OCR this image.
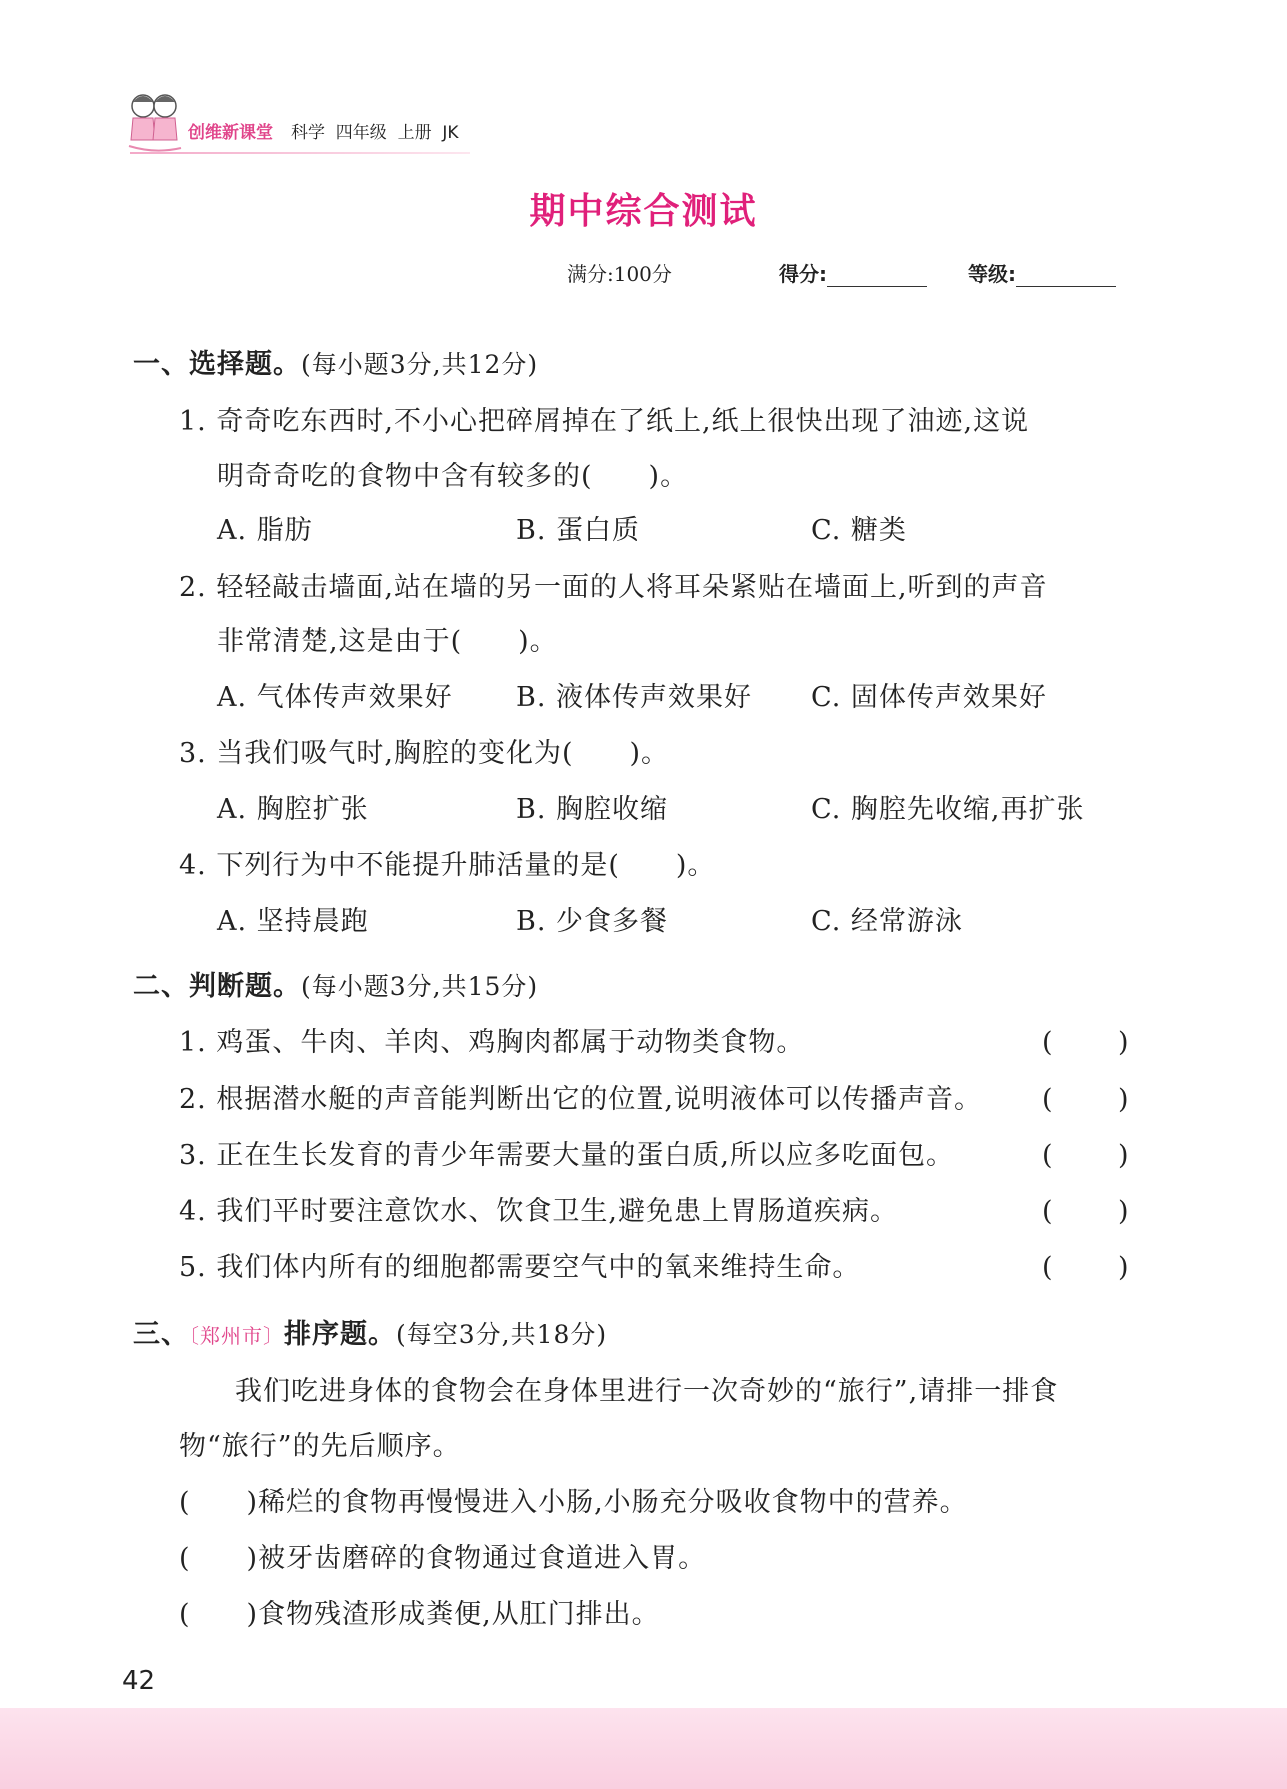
创维新课堂 科学  四年级  上册  JK
期中综合测试
满分:100分	得分:	等级:
一、选择题。(每小题3分,共12分)
1. 奇奇吃东西时,不小心把碎屑掉在了纸上,纸上很快出现了油迹,这说
明奇奇吃的食物中含有较多的(　　)。
A. 脂肪	B. 蛋白质	C. 糖类
2. 轻轻敲击墙面,站在墙的另一面的人将耳朵紧贴在墙面上,听到的声音
非常清楚,这是由于(　　)。
A. 气体传声效果好 B. 液体传声效果好 C. 固体传声效果好
3. 当我们吸气时,胸腔的变化为(　　)。
A. 胸腔扩张	B. 胸腔收缩	C. 胸腔先收缩,再扩张
4. 下列行为中不能提升肺活量的是(　　)。
A. 坚持晨跑	B. 少食多餐	C. 经常游泳
二、判断题。(每小题3分,共15分)
1. 鸡蛋、牛肉、羊肉、鸡胸肉都属于动物类食物。	( )
2. 根据潜水艇的声音能判断出它的位置,说明液体可以传播声音。 ( )
3. 正在生长发育的青少年需要大量的蛋白质,所以应多吃面包。	( )
4. 我们平时要注意饮水、饮食卫生,避免患上胃肠道疾病。	( )
5. 我们体内所有的细胞都需要空气中的氧来维持生命。	( )
三、〔郑州市〕排序题。(每空3分,共18分)
我们吃进身体的食物会在身体里进行一次奇妙的“旅行”,请排一排食
物“旅行”的先后顺序。
(　　)稀烂的食物再慢慢进入小肠,小肠充分吸收食物中的营养。
(　　)被牙齿磨碎的食物通过食道进入胃。
(　　)食物残渣形成粪便,从肛门排出。
42
